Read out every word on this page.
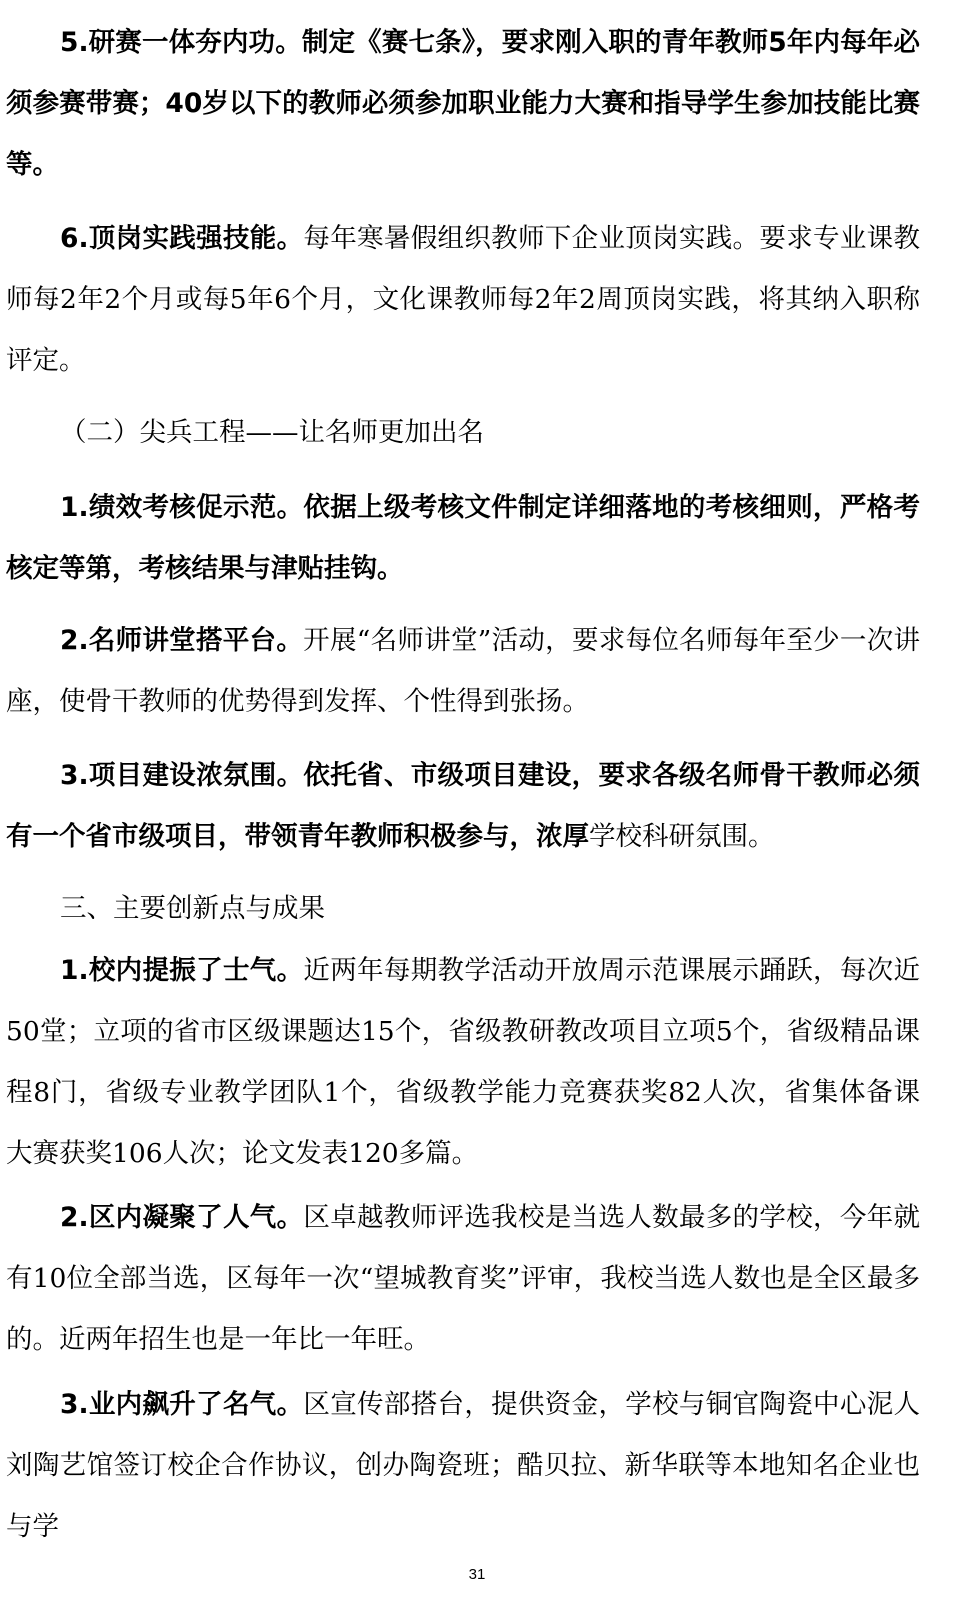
5.研赛一体夯内功。制定《赛七条》，要求刚入职的青年教师5年内每年必须参赛带赛；40岁以下的教师必须参加职业能力大赛和指导学生参加技能比赛等。

6.顶岗实践强技能。每年寒暑假组织教师下企业顶岗实践。要求专业课教师每2年2个月或每5年6个月，文化课教师每2年2周顶岗实践，将其纳入职称评定。

（二）尖兵工程——让名师更加出名

1.绩效考核促示范。依据上级考核文件制定详细落地的考核细则，严格考核定等第，考核结果与津贴挂钩。

2.名师讲堂搭平台。开展“名师讲堂”活动，要求每位名师每年至少一次讲座，使骨干教师的优势得到发挥、个性得到张扬。

3.项目建设浓氛围。依托省、市级项目建设，要求各级名师骨干教师必须有一个省市级项目，带领青年教师积极参与，浓厚学校科研氛围。

三、主要创新点与成果

1.校内提振了士气。近两年每期教学活动开放周示范课展示踊跃，每次近50堂；立项的省市区级课题达15个，省级教研教改项目立项5个，省级精品课程8门，省级专业教学团队1个，省级教学能力竞赛获奖82人次，省集体备课大赛获奖106人次；论文发表120多篇。

2.区内凝聚了人气。区卓越教师评选我校是当选人数最多的学校，今年就有10位全部当选，区每年一次“望城教育奖”评审，我校当选人数也是全区最多的。近两年招生也是一年比一年旺。

3.业内飙升了名气。区宣传部搭台，提供资金，学校与铜官陶瓷中心泥人刘陶艺馆签订校企合作协议，创办陶瓷班；酷贝拉、新华联等本地知名企业也与学

31
